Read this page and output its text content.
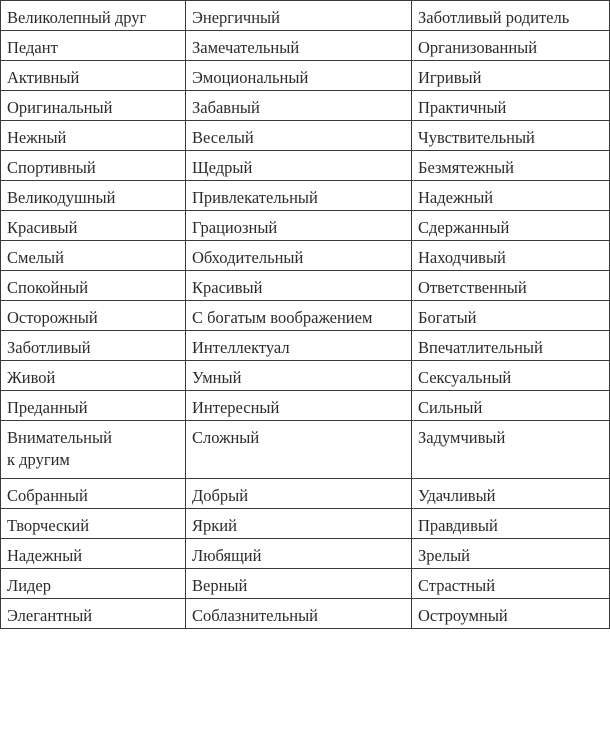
Великолепный друг	Энергичный	Заботливый родитель

Педант	Замечательный	Организованный

Активный	Эмоциональный	Игривый

Оригинальный	Забавный	Практичный

Нежный	Веселый	Чувствительный

Спортивный	Щедрый	Безмятежный

Великодушный	Привлекательный	Надежный

Красивый	Грациозный	Сдержанный

Смелый	Обходительный	Находчивый

Спокойный	Красивый	Ответственный

Осторожный	С богатым воображением	Богатый

Заботливый	Интеллектуал	Впечатлительный

Живой	Умный	Сексуальный

Преданный	Интересный	Сильный

Внимательный
к другим	Сложный	Задумчивый

Собранный	Добрый	Удачливый

Творческий	Яркий	Правдивый

Надежный	Любящий	Зрелый

Лидер	Верный	Страстный

Элегантный	Соблазнительный	Остроумный
